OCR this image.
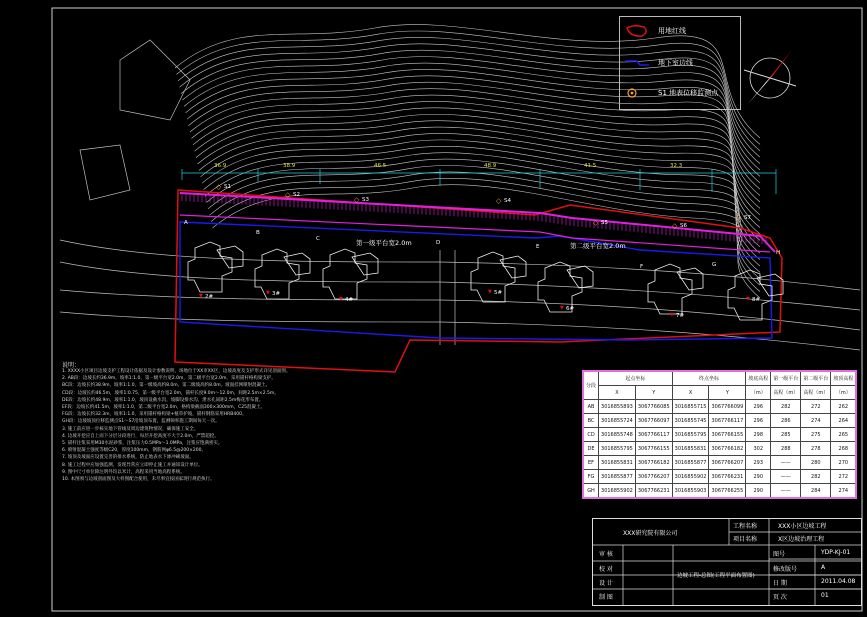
36.9	38.9	46.5	48.9	41.5	32.3
◇ S1
◇ S2
◇ S3	◇ S4
◇ S5	◇ S6
◇ S7
A
B
C
D
E
F	G
H
第一级平台宽2.0m	第二级平台宽2.0m
▼ 2#
▼ 3#
▼ 4#
▼ 5#
▼ 6#
▼ 7#
▼ 8#
用地红线
地下室边线
S1 地表位移监测点
说明：
1. XXXX小区项目边坡支护工程设计依据及设计参数说明，场地位于XX市XX区，边坡高度及支护形式详见剖面图。
2. AB段：边坡长约36.9m，坡率1:1.0，第一级平台宽2.0m，第二级平台宽2.0m，采用锚杆格构梁支护。
BC段：边坡长约38.9m，坡率1:1.0，第一级坡高约8.0m，第二级坡高约8.0m，坡面挂网喷射混凝土。
CD段：边坡长约46.5m，坡率1:0.75，第一级平台宽2.0m，锚杆长度9.0m～12.0m，间距2.5m×2.5m。
DE段：边坡长约48.9m，坡率1:1.0，坡顶设截水沟，坡脚设排水沟，泄水孔间距2.5m梅花形布置。
EF段：边坡长约41.5m，坡率1:1.0，第二级平台宽2.0m，格构梁截面300×300mm，C25混凝土。
FG段：边坡长约32.3m，坡率1:1.0，采用锚杆格构梁+植草护坡，锚杆钢筋采用HRB400。
GH段：边坡坡顶位移监测点S1～S7沿坡顶布置，监测频率施工期间每天一次。
3. 施工前应进一步核实地下管线及周边建筑物情况，确保施工安全。
4. 边坡开挖应自上而下分层分段进行，每层开挖高度不大于2.0m，严禁超挖。
5. 锚杆注浆采用M30水泥砂浆，注浆压力0.5MPa～1.0MPa，注浆应饱满密实。
6. 喷射混凝土强度等级C20，厚度100mm，钢筋网φ6.5@200×200。
7. 坡顶及坡面应设置完善的排水系统，防止地表水下渗冲刷坡面。
8. 施工过程中应加强监测，发现异常应立即停止施工并通知设计单位。
9. 图中尺寸单位除注明外均以米计，高程采用当地高程系统。
10. 本图须与边坡剖面图及大样图配合使用，未尽事宜按国家现行规范执行。
分段	起点坐标		终点坐标		坡底高程	第一级平台	第二级平台	坡顶高程
	X	Y	X	Y	（m）	高程（m）	高程（m）	（m）
AB	3016855893	3067766085	3016855715	3067766099	296	282	272	262
BC	3016855724	3067766097	3016855745	3067766117	296	286	274	264
CD	3016855748	3067766117	3016855795	3067766155	298	285	275	265
DE	3016855795	3067766155	3016855831	3067766182	302	288	278	268
EF	3016855831	3067766182	3016855877	3067766207	293	——	280	270
FG	3016855877	3067766207	3016855902	3067766231	290	——	282	272
GH	3016855902	3067766231	3016855903	3067766255	290	——	284	274
XXX研究院有限公司
工程名称	XXX小区边坡工程
项目名称	X区边坡治理工程
审 核
校 对
设 计
制 图
边坡工程-总图(工程平面布置图)
图号	YDP-KJ-01
修改版号	A
日 期	2011.04.08
页 次	01
